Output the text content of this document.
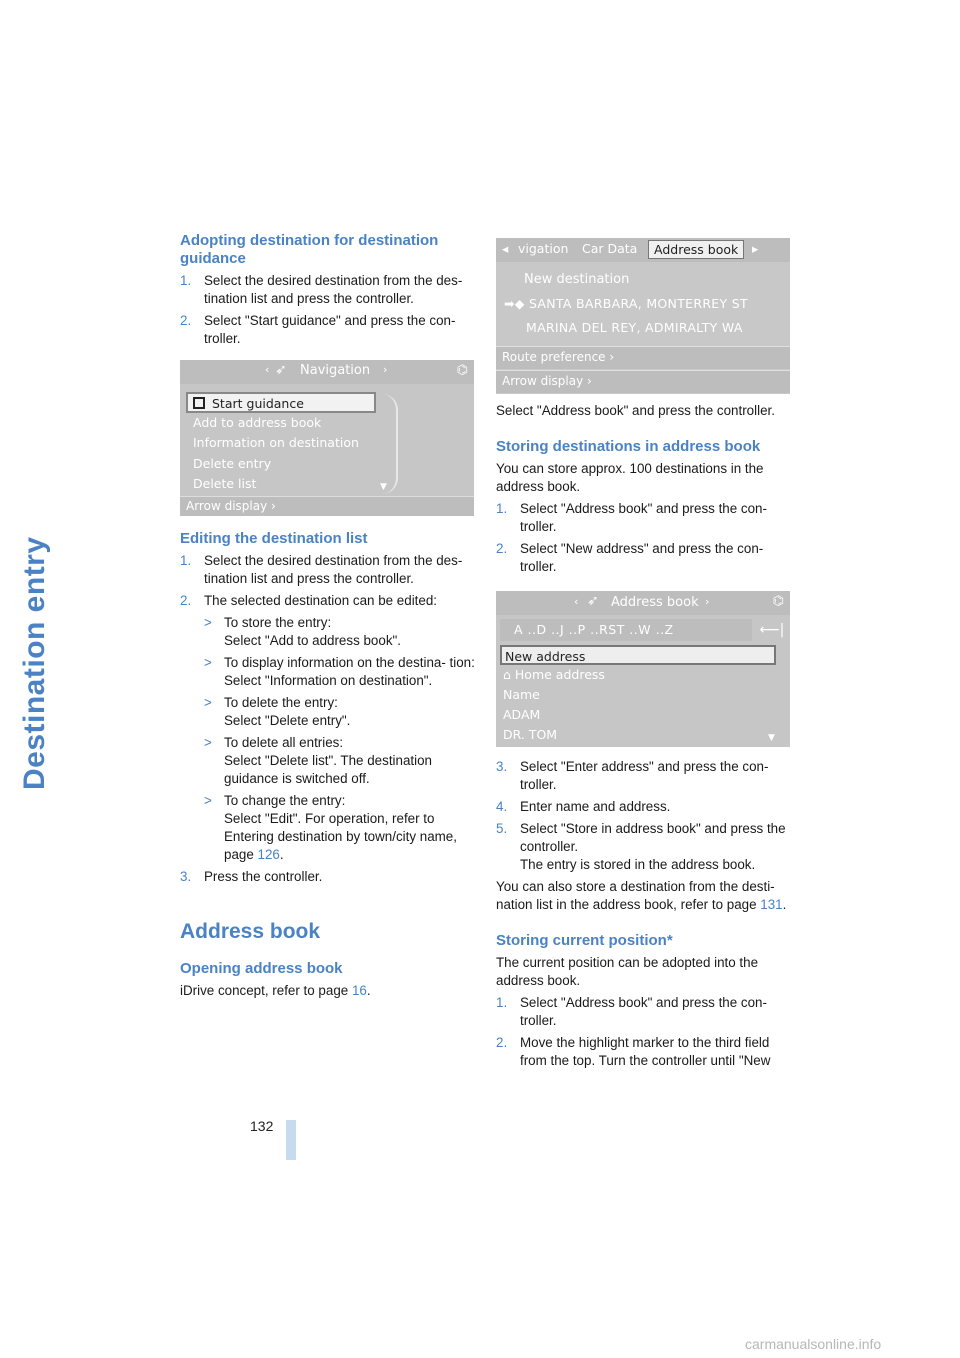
Destination entry
Adopting destination for destination guidance
1. Select the desired destination from the des- tination list and press the controller.
2. Select "Start guidance" and press the con- troller.
Editing the destination list
1. Select the desired destination from the des- tination list and press the controller.
2. The selected destination can be edited:
> To store the entry:
Select "Add to address book".
> To display information on the destina- tion:
Select "Information on destination".
> To delete the entry:
Select "Delete entry".
> To delete all entries:
Select "Delete list". The destination guidance is switched off.
> To change the entry:
Select "Edit". For operation, refer to Entering destination by town/city name, page 126.
3. Press the controller.
Address book
Opening address book

iDrive concept, refer to page 16.

‹ ➶ Navigation ›	⌬
Start guidance
Add to address book
Information on destination
Delete entry
Delete list	▼
Arrow display ›

Select "Address book" and press the controller.

Storing destinations in address book

You can store approx. 100 destinations in the address book.

1. Select "Address book" and press the con- troller.
2. Select "New address" and press the con- troller.
3. Select "Enter address" and press the con- troller.
4. Enter name and address.
5. Select "Store in address book" and press the controller.
The entry is stored in the address book.

You can also store a destination from the desti- nation list in the address book, refer to page 131.

Storing current position*

The current position can be adopted into the address book.

1. Select "Address book" and press the con- troller.
2. Move the highlight marker to the third field from the top. Turn the controller until "New
◂ vigation Car Data	Address book	▸
New destination
➡◆ SANTA BARBARA, MONTERREY ST
MARINA DEL REY, ADMIRALTY WA
Route preference ›
Arrow display ›
‹ ➶ Address book ›	⌬
A ..D ..J ..P ..RST ..W ..Z	⟵|
New address
⌂ Home address
Name
ADAM
DR. TOM	▼
132
carmanualsonline.info
